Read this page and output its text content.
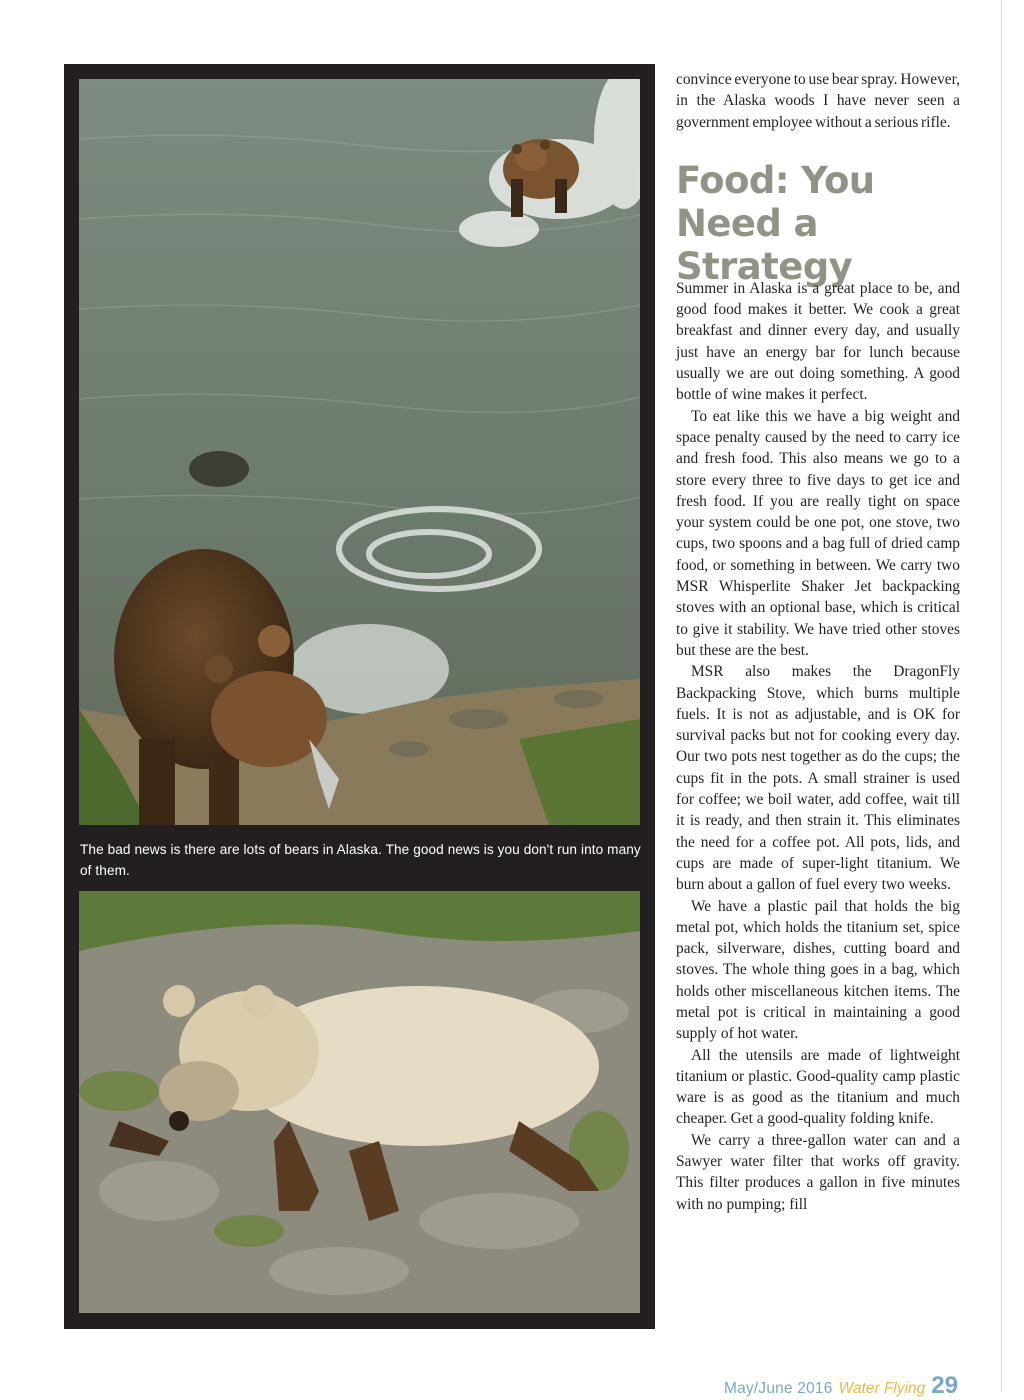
The bad news is there are lots of bears in Alaska. The good news is you don't run into many of them.

convince everyone to use bear spray. However, in the Alaska woods I have never seen a government employee without a serious rifle.

Food: You Need a Strategy

Summer in Alaska is a great place to be, and good food makes it better. We cook a great breakfast and dinner every day, and usually just have an energy bar for lunch because usually we are out doing something. A good bottle of wine makes it perfect.

To eat like this we have a big weight and space penalty caused by the need to carry ice and fresh food. This also means we go to a store every three to five days to get ice and fresh food. If you are really tight on space your system could be one pot, one stove, two cups, two spoons and a bag full of dried camp food, or something in between. We carry two MSR Whisperlite Shaker Jet backpacking stoves with an optional base, which is critical to give it stability. We have tried other stoves but these are the best.

MSR also makes the DragonFly Backpacking Stove, which burns multiple fuels. It is not as adjustable, and is OK for survival packs but not for cooking every day. Our two pots nest together as do the cups; the cups fit in the pots. A small strainer is used for coffee; we boil water, add coffee, wait till it is ready, and then strain it. This eliminates the need for a coffee pot. All pots, lids, and cups are made of super-light titanium. We burn about a gallon of fuel every two weeks.

We have a plastic pail that holds the big metal pot, which holds the titanium set, spice pack, silverware, dishes, cutting board and stoves. The whole thing goes in a bag, which holds other miscellaneous kitchen items. The metal pot is critical in maintaining a good supply of hot water.

All the utensils are made of lightweight titanium or plastic. Good-quality camp plastic ware is as good as the titanium and much cheaper. Get a good-quality folding knife.

We carry a three-gallon water can and a Sawyer water filter that works off gravity. This filter produces a gallon in five minutes with no pumping; fill

May/June 2016 Water Flying 29
